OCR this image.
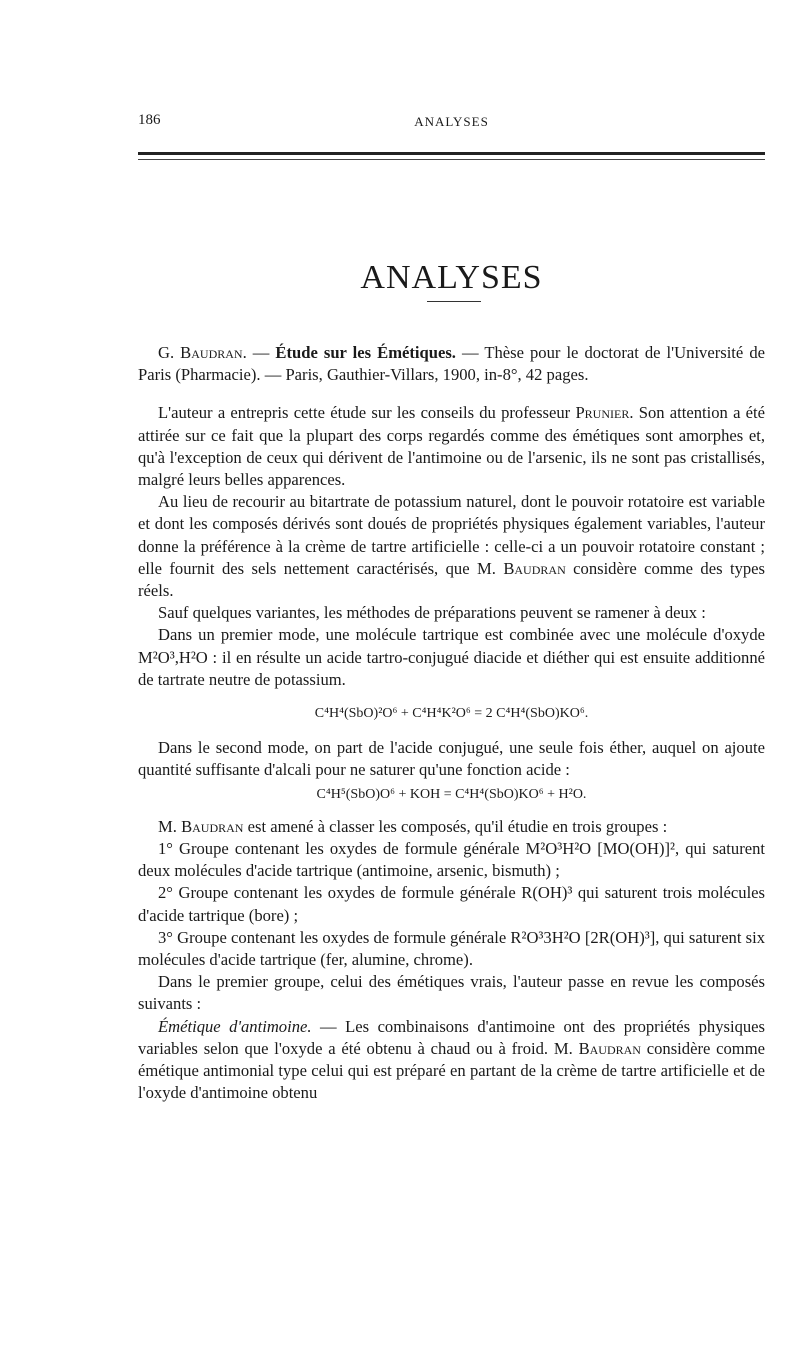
186	ANALYSES
ANALYSES

G. Baudran. — Étude sur les Émétiques. — Thèse pour le doctorat de l'Université de Paris (Pharmacie). — Paris, Gauthier-Villars, 1900, in-8°, 42 pages.

L'auteur a entrepris cette étude sur les conseils du professeur Prunier. Son attention a été attirée sur ce fait que la plupart des corps regardés comme des émétiques sont amorphes et, qu'à l'exception de ceux qui dérivent de l'antimoine ou de l'arsenic, ils ne sont pas cristallisés, malgré leurs belles apparences.

Au lieu de recourir au bitartrate de potassium naturel, dont le pouvoir rotatoire est variable et dont les composés dérivés sont doués de propriétés physiques également variables, l'auteur donne la préférence à la crème de tartre artificielle : celle-ci a un pouvoir rotatoire constant ; elle fournit des sels nettement caractérisés, que M. Baudran considère comme des types réels.

Sauf quelques variantes, les méthodes de préparations peuvent se ramener à deux :

Dans un premier mode, une molécule tartrique est combinée avec une molécule d'oxyde M²O³,H²O : il en résulte un acide tartro-conjugué diacide et diéther qui est ensuite additionné de tartrate neutre de potassium.

C⁴H⁴(SbO)²O⁶ + C⁴H⁴K²O⁶ = 2 C⁴H⁴(SbO)KO⁶.

Dans le second mode, on part de l'acide conjugué, une seule fois éther, auquel on ajoute quantité suffisante d'alcali pour ne saturer qu'une fonction acide :

C⁴H⁵(SbO)O⁶ + KOH = C⁴H⁴(SbO)KO⁶ + H²O.

M. Baudran est amené à classer les composés, qu'il étudie en trois groupes :

1° Groupe contenant les oxydes de formule générale M²O³H²O [MO(OH)]², qui saturent deux molécules d'acide tartrique (antimoine, arsenic, bismuth) ;

2° Groupe contenant les oxydes de formule générale R(OH)³ qui saturent trois molécules d'acide tartrique (bore) ;

3° Groupe contenant les oxydes de formule générale R²O³3H²O [2R(OH)³], qui saturent six molécules d'acide tartrique (fer, alumine, chrome).

Dans le premier groupe, celui des émétiques vrais, l'auteur passe en revue les composés suivants :

Émétique d'antimoine. — Les combinaisons d'antimoine ont des propriétés physiques variables selon que l'oxyde a été obtenu à chaud ou à froid. M. Baudran considère comme émétique antimonial type celui qui est préparé en partant de la crème de tartre artificielle et de l'oxyde d'antimoine obtenu
